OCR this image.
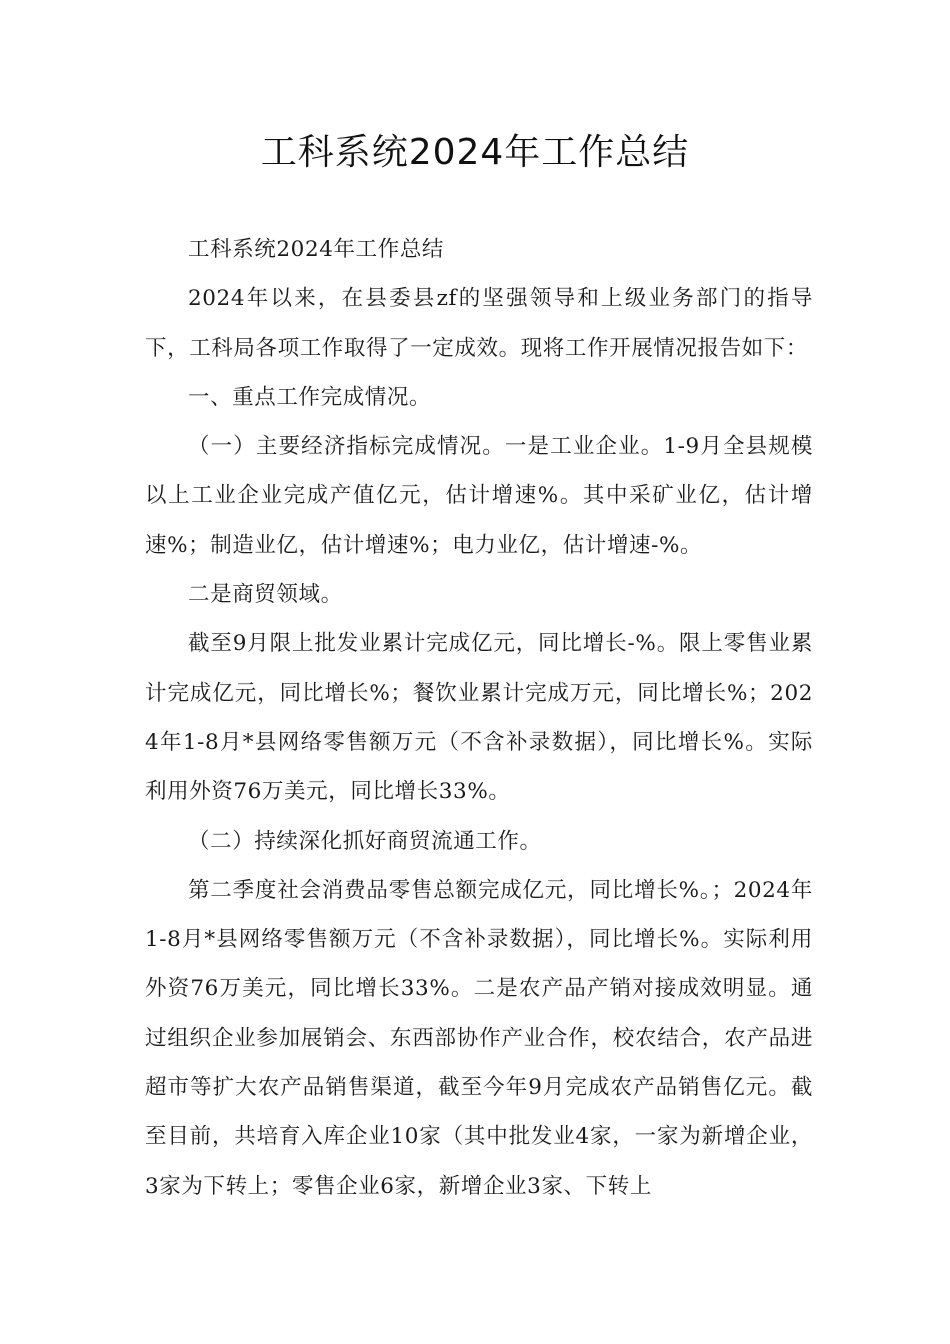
工科系统2024年工作总结

工科系统2024年工作总结

2024年以来，在县委县zf的坚强领导和上级业务部门的指导下，工科局各项工作取得了一定成效。现将工作开展情况报告如下：

一、重点工作完成情况。

（一）主要经济指标完成情况。一是工业企业。1-9月全县规模以上工业企业完成产值亿元，估计增速%。其中采矿业亿，估计增速%；制造业亿，估计增速%；电力业亿，估计增速-%。

二是商贸领域。

截至9月限上批发业累计完成亿元，同比增长-%。限上零售业累计完成亿元，同比增长%；餐饮业累计完成万元，同比增长%；2024年1-8月*县网络零售额万元（不含补录数据），同比增长%。实际利用外资76万美元，同比增长33%。

（二）持续深化抓好商贸流通工作。

第二季度社会消费品零售总额完成亿元，同比增长%。；2024年1-8月*县网络零售额万元（不含补录数据），同比增长%。实际利用外资76万美元，同比增长33%。二是农产品产销对接成效明显。通过组织企业参加展销会、东西部协作产业合作，校农结合，农产品进超市等扩大农产品销售渠道，截至今年9月完成农产品销售亿元。截至目前，共培育入库企业10家（其中批发业4家，一家为新增企业，3家为下转上；零售企业6家，新增企业3家、下转上
